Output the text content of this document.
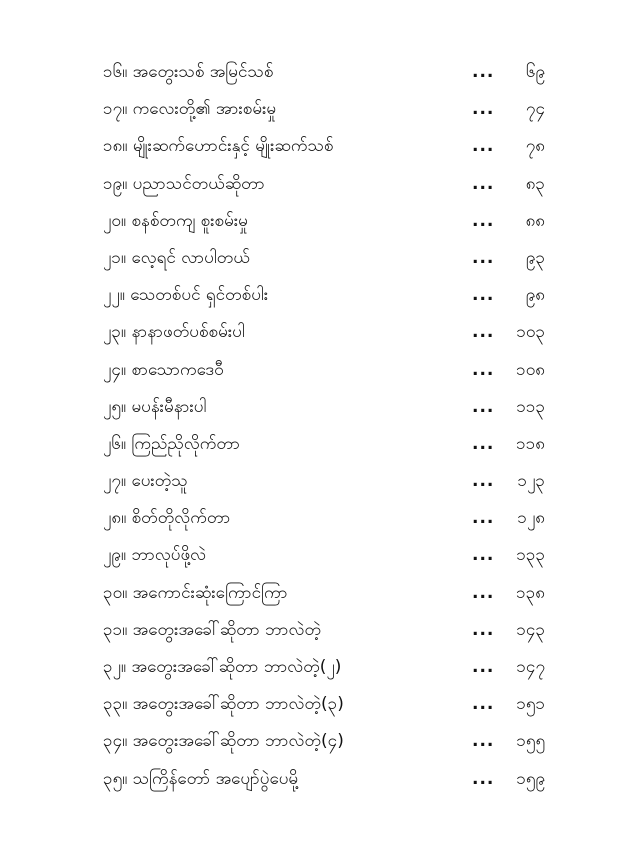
၁၆။ အတွေးသစ် အမြင်သစ်	... ၆၉
၁၇။ ကလေးတို့၏ အားစမ်းမှု	... ၇၄
၁၈။ မျိုးဆက်ဟောင်းနှင့် မျိုးဆက်သစ်	... ၇၈
၁၉။ ပညာသင်တယ်ဆိုတာ	... ၈၃
၂၀။ စနစ်တကျ စူးစမ်းမှု	... ၈၈
၂၁။ လေ့ရင် လာပါတယ်	... ၉၃
၂၂။ သေတစ်ပင် ရှင်တစ်ပါး	... ၉၈
၂၃။ နာနာဖတ်ပစ်စမ်းပါ	... ၁၀၃
၂၄။ စာသောကဒေဝီ	... ၁၀၈
၂၅။ မပန်းမီနားပါ	... ၁၁၃
၂၆။ ကြည်ညိုလိုက်တာ	... ၁၁၈
၂၇။ ပေးတဲ့သူ	... ၁၂၃
၂၈။ စိတ်တိုလိုက်တာ	... ၁၂၈
၂၉။ ဘာလုပ်ဖို့လဲ	... ၁၃၃
၃၀။ အကောင်းဆုံးကြောင်ကြာ	... ၁၃၈
၃၁။ အတွေးအခေါ်ဆိုတာ ဘာလဲတဲ့	... ၁၄၃
၃၂။ အတွေးအခေါ်ဆိုတာ ဘာလဲတဲ့(၂)	... ၁၄၇
၃၃။ အတွေးအခေါ်ဆိုတာ ဘာလဲတဲ့(၃)	... ၁၅၁
၃၄။ အတွေးအခေါ်ဆိုတာ ဘာလဲတဲ့(၄)	... ၁၅၅
၃၅။ သကြိန်တော် အပျော်ပွဲပေမို့	... ၁၅၉
